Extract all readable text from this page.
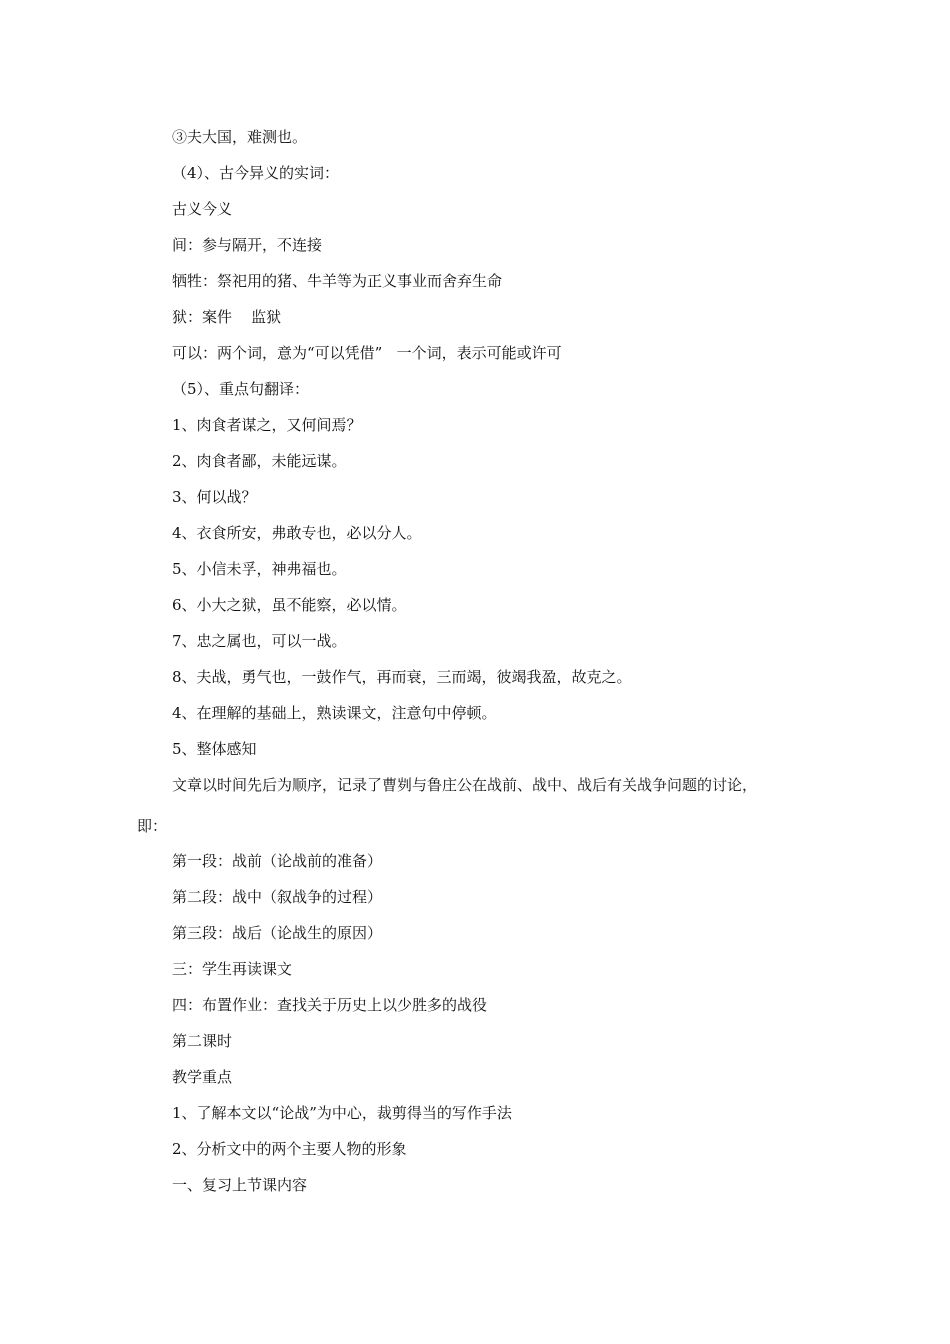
③夫大国，难测也。

（4）、古今异义的实词：

古义今义

间：参与隔开，不连接

牺牲：祭祀用的猪、牛羊等为正义事业而舍弃生命

狱：案件    监狱

可以：两个词，意为“可以凭借”   一个词，表示可能或许可

（5）、重点句翻译：

1、肉食者谋之，又何间焉？

2、肉食者鄙，未能远谋。

3、何以战？

4、衣食所安，弗敢专也，必以分人。

5、小信未孚，神弗福也。

6、小大之狱，虽不能察，必以情。

7、忠之属也，可以一战。

8、夫战，勇气也，一鼓作气，再而衰，三而竭，彼竭我盈，故克之。

4、在理解的基础上，熟读课文，注意句中停顿。

5、整体感知

文章以时间先后为顺序，记录了曹刿与鲁庄公在战前、战中、战后有关战争问题的讨论，

即：

第一段：战前（论战前的准备）

第二段：战中（叙战争的过程）

第三段：战后（论战生的原因）

三：学生再读课文

四：布置作业：查找关于历史上以少胜多的战役

第二课时

教学重点

1、了解本文以“论战”为中心，裁剪得当的写作手法

2、分析文中的两个主要人物的形象

一、复习上节课内容
